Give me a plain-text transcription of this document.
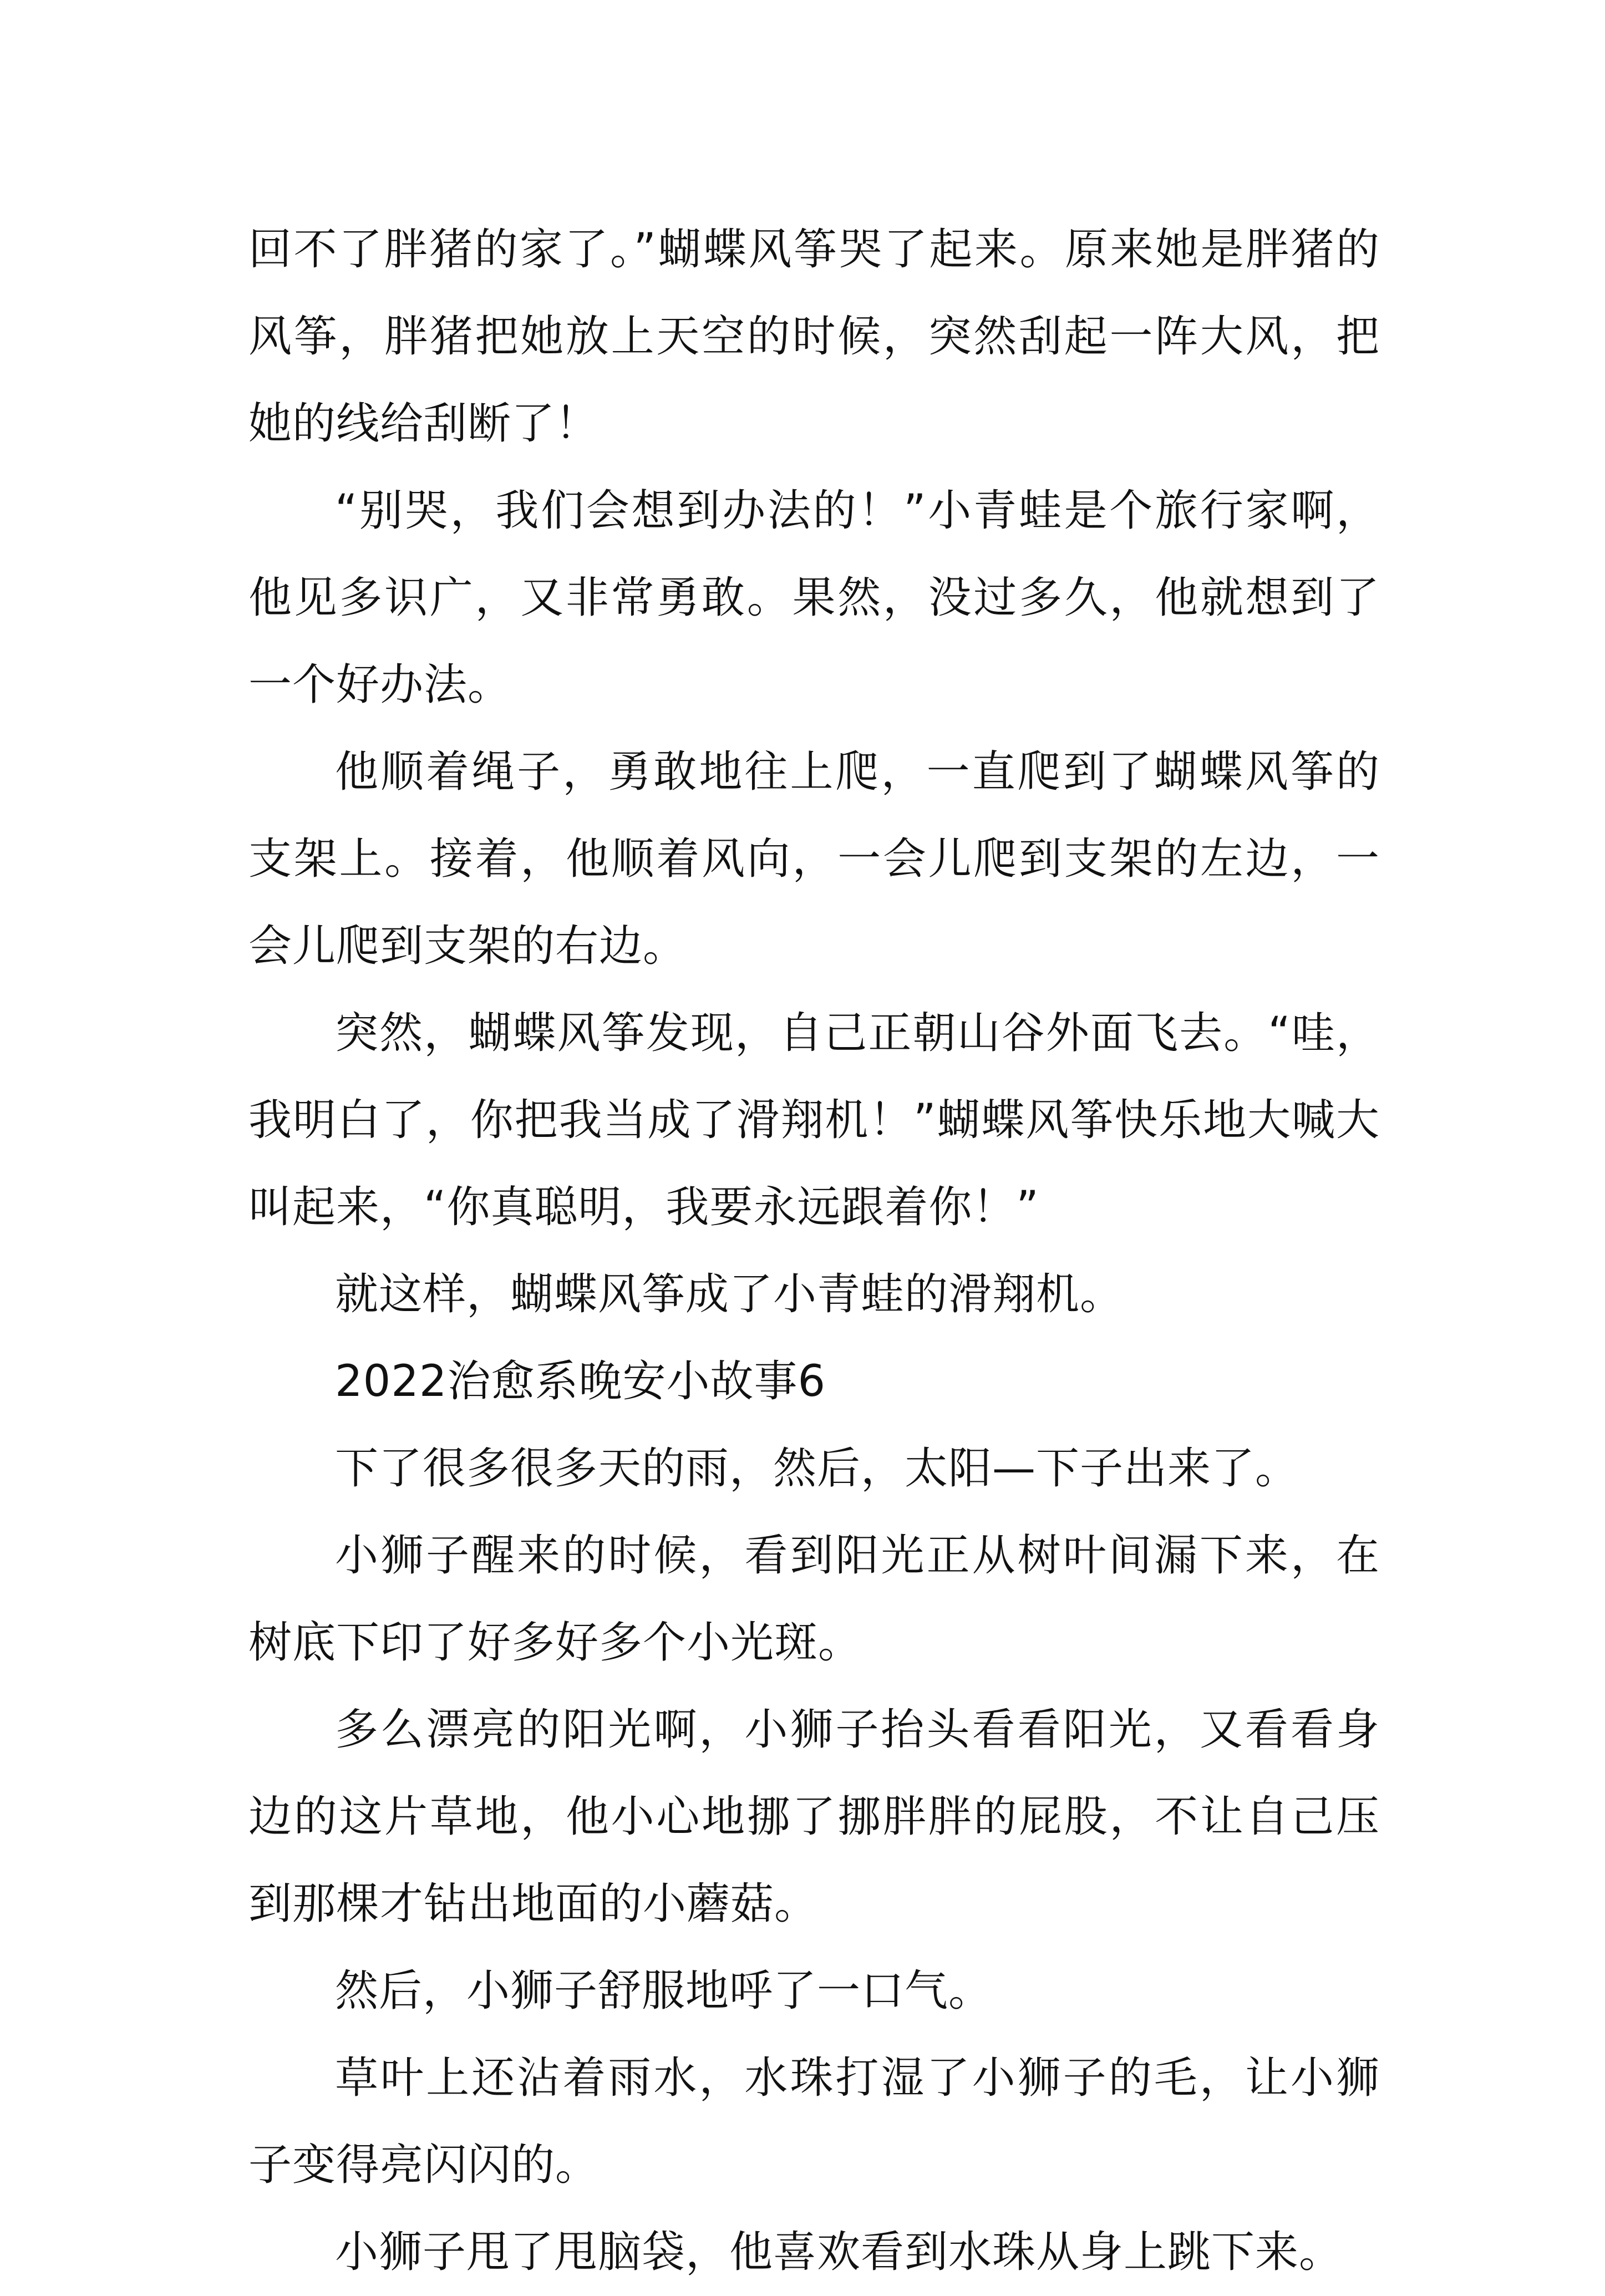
回不了胖猪的家了。”蝴蝶风筝哭了起来。原来她是胖猪的风筝，胖猪把她放上天空的时候，突然刮起一阵大风，把她的线给刮断了！

“别哭，我们会想到办法的！”小青蛙是个旅行家啊，他见多识广，又非常勇敢。果然，没过多久，他就想到了一个好办法。

他顺着绳子，勇敢地往上爬，一直爬到了蝴蝶风筝的支架上。接着，他顺着风向，一会儿爬到支架的左边，一会儿爬到支架的右边。

突然，蝴蝶风筝发现，自己正朝山谷外面飞去。“哇，我明白了，你把我当成了滑翔机！”蝴蝶风筝快乐地大喊大叫起来，“你真聪明，我要永远跟着你！”

就这样，蝴蝶风筝成了小青蛙的滑翔机。

2022治愈系晚安小故事6

下了很多很多天的雨，然后，太阳—下子出来了。

小狮子醒来的时候，看到阳光正从树叶间漏下来，在树底下印了好多好多个小光斑。

多么漂亮的阳光啊，小狮子抬头看看阳光，又看看身边的这片草地，他小心地挪了挪胖胖的屁股，不让自己压到那棵才钻出地面的小蘑菇。

然后，小狮子舒服地呼了一口气。

草叶上还沾着雨水，水珠打湿了小狮子的毛，让小狮子变得亮闪闪的。

小狮子甩了甩脑袋，他喜欢看到水珠从身上跳下来。
